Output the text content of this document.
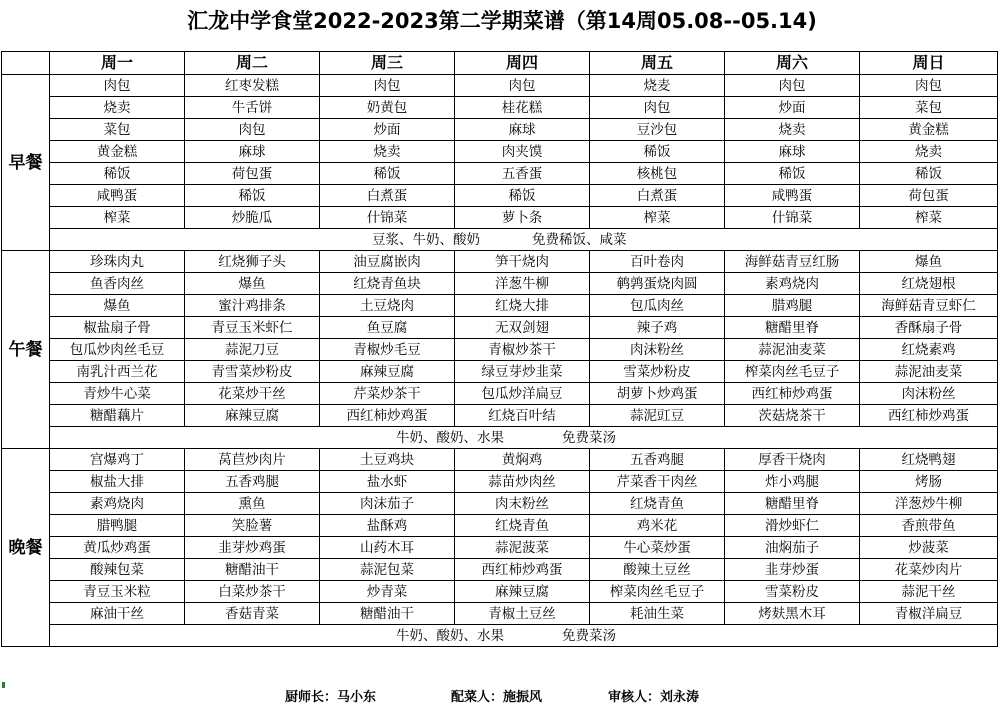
汇龙中学食堂2022-2023第二学期菜谱（第14周05.08--05.14)
	周一	周二	周三	周四	周五	周六	周日
早餐	肉包	红枣发糕	肉包	肉包	烧麦	肉包	肉包
	烧卖	牛舌饼	奶黄包	桂花糕	肉包	炒面	菜包
	菜包	肉包	炒面	麻球	豆沙包	烧卖	黄金糕
	黄金糕	麻球	烧卖	肉夹馍	稀饭	麻球	烧卖
	稀饭	荷包蛋	稀饭	五香蛋	核桃包	稀饭	稀饭
	咸鸭蛋	稀饭	白煮蛋	稀饭	白煮蛋	咸鸭蛋	荷包蛋
	榨菜	炒脆瓜	什锦菜	萝卜条	榨菜	什锦菜	榨菜
	豆浆、牛奶、酸奶 免费稀饭、咸菜						
午餐	珍珠肉丸	红烧狮子头	油豆腐嵌肉	笋干烧肉	百叶卷肉	海鲜菇青豆红肠	爆鱼
	鱼香肉丝	爆鱼	红烧青鱼块	洋葱牛柳	鹌鹑蛋烧肉圆	素鸡烧肉	红烧翅根
	爆鱼	蜜汁鸡排条	土豆烧肉	红烧大排	包瓜肉丝	腊鸡腿	海鲜菇青豆虾仁
	椒盐扇子骨	青豆玉米虾仁	鱼豆腐	无双剑翅	辣子鸡	糖醋里脊	香酥扇子骨
	包瓜炒肉丝毛豆	蒜泥刀豆	青椒炒毛豆	青椒炒茶干	肉沫粉丝	蒜泥油麦菜	红烧素鸡
	南乳汁西兰花	青雪菜炒粉皮	麻辣豆腐	绿豆芽炒韭菜	雪菜炒粉皮	榨菜肉丝毛豆子	蒜泥油麦菜
	青炒牛心菜	花菜炒干丝	芹菜炒茶干	包瓜炒洋扁豆	胡萝卜炒鸡蛋	西红柿炒鸡蛋	肉沫粉丝
	糖醋藕片	麻辣豆腐	西红柿炒鸡蛋	红烧百叶结	蒜泥豇豆	茨菇烧茶干	西红柿炒鸡蛋
	牛奶、酸奶、水果 免费菜汤						
晚餐	宫爆鸡丁	莴苣炒肉片	土豆鸡块	黄焖鸡	五香鸡腿	厚香干烧肉	红烧鸭翅
	椒盐大排	五香鸡腿	盐水虾	蒜苗炒肉丝	芹菜香干肉丝	炸小鸡腿	烤肠
	素鸡烧肉	熏鱼	肉沫茄子	肉末粉丝	红烧青鱼	糖醋里脊	洋葱炒牛柳
	腊鸭腿	笑脸薯	盐酥鸡	红烧青鱼	鸡米花	滑炒虾仁	香煎带鱼
	黄瓜炒鸡蛋	韭芽炒鸡蛋	山药木耳	蒜泥菠菜	牛心菜炒蛋	油焖茄子	炒菠菜
	酸辣包菜	糖醋油干	蒜泥包菜	西红柿炒鸡蛋	酸辣土豆丝	韭芽炒蛋	花菜炒肉片
	青豆玉米粒	白菜炒茶干	炒青菜	麻辣豆腐	榨菜肉丝毛豆子	雪菜粉皮	蒜泥干丝
	麻油干丝	香菇青菜	糖醋油干	青椒土豆丝	耗油生菜	烤麸黑木耳	青椒洋扁豆
	牛奶、酸奶、水果 免费菜汤						
厨师长：马小东	配菜人：施振风	审核人：刘永涛
